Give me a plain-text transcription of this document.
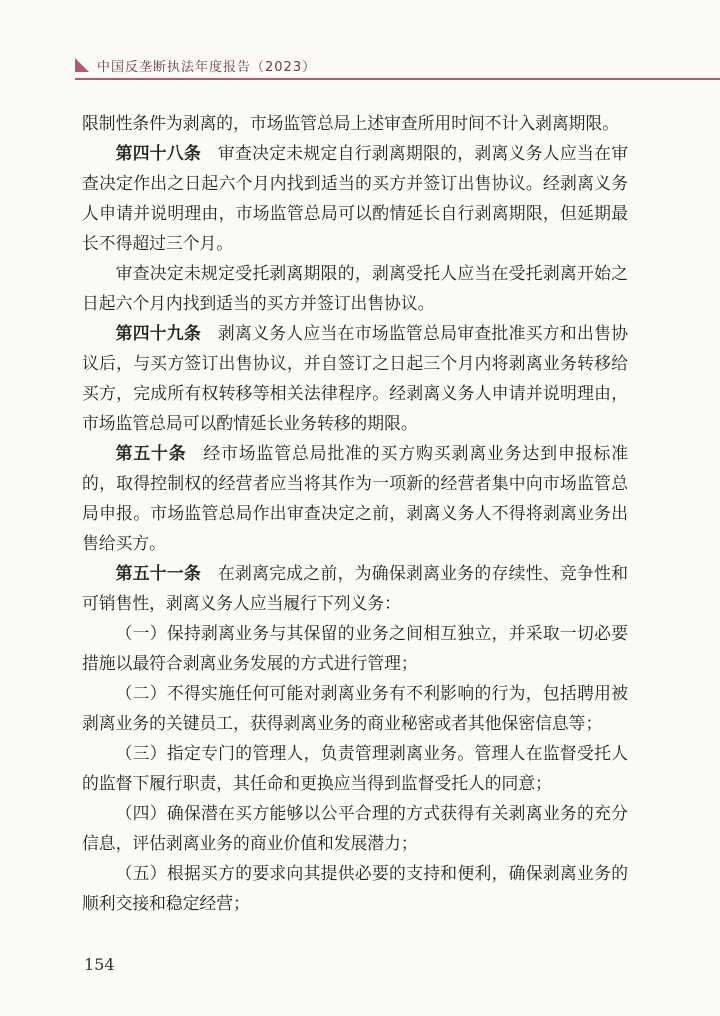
中国反垄断执法年度报告（2023）

限制性条件为剥离的，市场监管总局上述审查所用时间不计入剥离期限。

第四十八条 审查决定未规定自行剥离期限的，剥离义务人应当在审查决定作出之日起六个月内找到适当的买方并签订出售协议。经剥离义务人申请并说明理由，市场监管总局可以酌情延长自行剥离期限，但延期最长不得超过三个月。

审查决定未规定受托剥离期限的，剥离受托人应当在受托剥离开始之日起六个月内找到适当的买方并签订出售协议。

第四十九条 剥离义务人应当在市场监管总局审查批准买方和出售协议后，与买方签订出售协议，并自签订之日起三个月内将剥离业务转移给买方，完成所有权转移等相关法律程序。经剥离义务人申请并说明理由，市场监管总局可以酌情延长业务转移的期限。

第五十条 经市场监管总局批准的买方购买剥离业务达到申报标准的，取得控制权的经营者应当将其作为一项新的经营者集中向市场监管总局申报。市场监管总局作出审查决定之前，剥离义务人不得将剥离业务出售给买方。

第五十一条 在剥离完成之前，为确保剥离业务的存续性、竞争性和可销售性，剥离义务人应当履行下列义务：

（一）保持剥离业务与其保留的业务之间相互独立，并采取一切必要措施以最符合剥离业务发展的方式进行管理；

（二）不得实施任何可能对剥离业务有不利影响的行为，包括聘用被剥离业务的关键员工，获得剥离业务的商业秘密或者其他保密信息等；

（三）指定专门的管理人，负责管理剥离业务。管理人在监督受托人的监督下履行职责，其任命和更换应当得到监督受托人的同意；

（四）确保潜在买方能够以公平合理的方式获得有关剥离业务的充分信息，评估剥离业务的商业价值和发展潜力；

（五）根据买方的要求向其提供必要的支持和便利，确保剥离业务的顺利交接和稳定经营；

154
